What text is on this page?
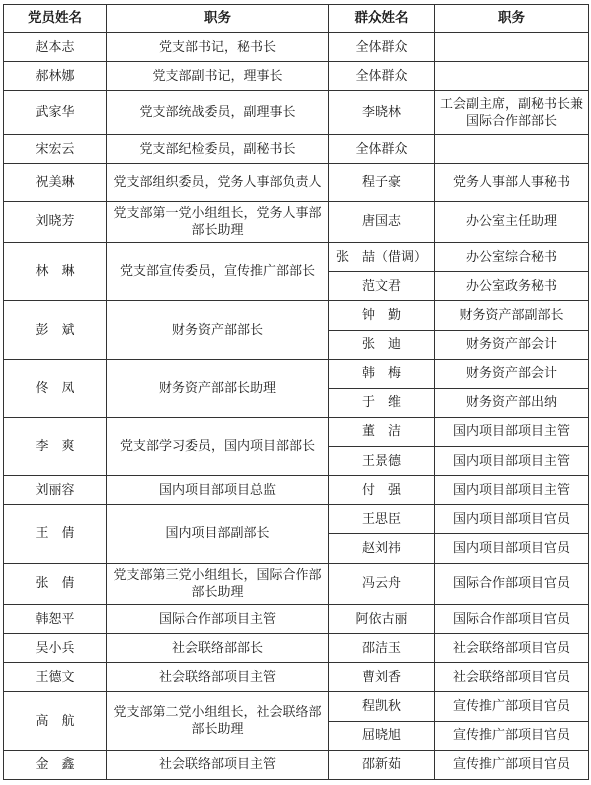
党员姓名	职务	群众姓名	职务
赵本志	党支部书记，秘书长	全体群众	
郝林娜	党支部副书记，理事长	全体群众	
武家华	党支部统战委员，副理事长	李晓林	工会副主席，副秘书长兼国际合作部部长
宋宏云	党支部纪检委员，副秘书长	全体群众	
祝美琳	党支部组织委员，党务人事部负责人	程子豪	党务人事部人事秘书
刘晓芳	党支部第一党小组组长，党务人事部部长助理	唐国志	办公室主任助理
林　琳	党支部宣传委员，宣传推广部部长	张　喆（借调）	办公室综合秘书
		范文君	办公室政务秘书
彭　斌	财务资产部部长	钟　勤	财务资产部副部长
		张　迪	财务资产部会计
佟　凤	财务资产部部长助理	韩　梅	财务资产部会计
		于　维	财务资产部出纳
李　爽	党支部学习委员，国内项目部部长	董　洁	国内项目部项目主管
		王景德	国内项目部项目主管
刘丽容	国内项目部项目总监	付　强	国内项目部项目主管
王　倩	国内项目部副部长	王思臣	国内项目部项目官员
		赵刘祎	国内项目部项目官员
张　倩	党支部第三党小组组长，国际合作部部长助理	冯云舟	国际合作部项目官员
韩恕平	国际合作部项目主管	阿依古丽	国际合作部项目官员
吴小兵	社会联络部部长	邵洁玉	社会联络部项目官员
王德文	社会联络部项目主管	曹刘香	社会联络部项目官员
高　航	党支部第二党小组组长，社会联络部部长助理	程凯秋	宣传推广部项目官员
		屈晓旭	宣传推广部项目官员
金　鑫	社会联络部项目主管	邵新茹	宣传推广部项目官员
